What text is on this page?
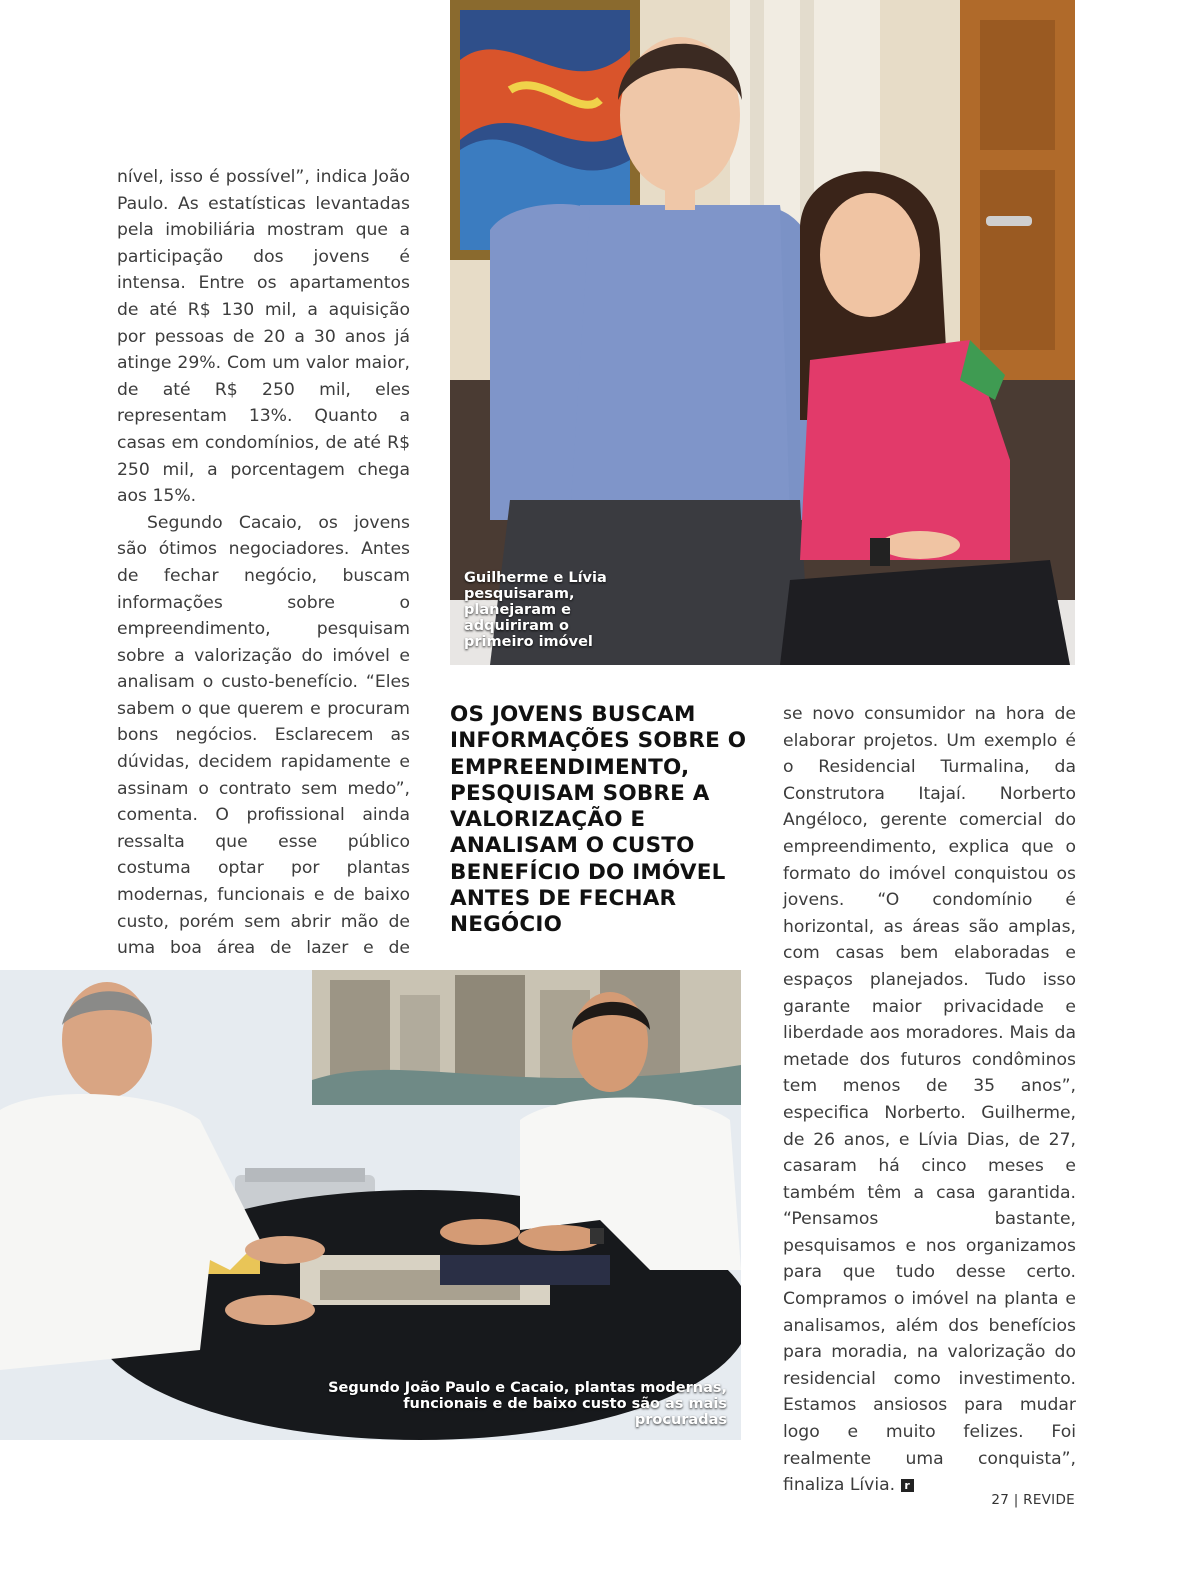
nível, isso é possível”, indica João Paulo. As estatísticas levantadas pela imobiliária mostram que a participação dos jovens é intensa. Entre os apartamentos de até R$ 130 mil, a aquisição por pessoas de 20 a 30 anos já atinge 29%. Com um valor maior, de até R$ 250 mil, eles representam 13%. Quanto a casas em condomínios, de até R$ 250 mil, a porcentagem chega aos 15%.

Segundo Cacaio, os jovens são ótimos negociadores. Antes de fechar negócio, buscam informações sobre o empreendimento, pesquisam sobre a valorização do imóvel e analisam o custo-benefício. “Eles sabem o que querem e procuram bons negócios. Esclarecem as dúvidas, decidem rapidamente e assinam o contrato sem medo”, comenta. O profissional ainda ressalta que esse público costuma optar por plantas modernas, funcionais e de baixo custo, porém sem abrir mão de uma boa área de lazer e de

Guilherme e Lívia pesquisaram, planejaram e adquiriram o primeiro imóvel

OS JOVENS BUSCAM INFORMAÇÕES SOBRE O EMPREENDIMENTO, PESQUISAM SOBRE A VALORIZAÇÃO E ANALISAM O CUSTO BENEFÍCIO DO IMÓVEL ANTES DE FECHAR NEGÓCIO

se novo consumidor na hora de elaborar projetos. Um exemplo é o Residencial Turmalina, da Construtora Itajaí. Norberto Angéloco, gerente comercial do empreendimento, explica que o formato do imóvel conquistou os jovens. “O condomínio é horizontal, as áreas são amplas, com casas bem elaboradas e espaços planejados. Tudo isso garante maior privacidade e liberdade aos moradores. Mais da metade dos futuros condôminos tem menos de 35 anos”, especifica Norberto. Guilherme, de 26 anos, e Lívia Dias, de 27, casaram há cinco meses e também têm a casa garantida. “Pensamos bastante, pesquisamos e nos organizamos para que tudo desse certo. Compramos o imóvel na planta e analisamos, além dos benefícios para moradia, na valorização do residencial como investimento. Estamos ansiosos para mudar logo e muito felizes. Foi realmente uma conquista”, finaliza Lívia. r

Segundo João Paulo e Cacaio, plantas modernas, funcionais e de baixo custo são as mais procuradas
27 | REVIDE
